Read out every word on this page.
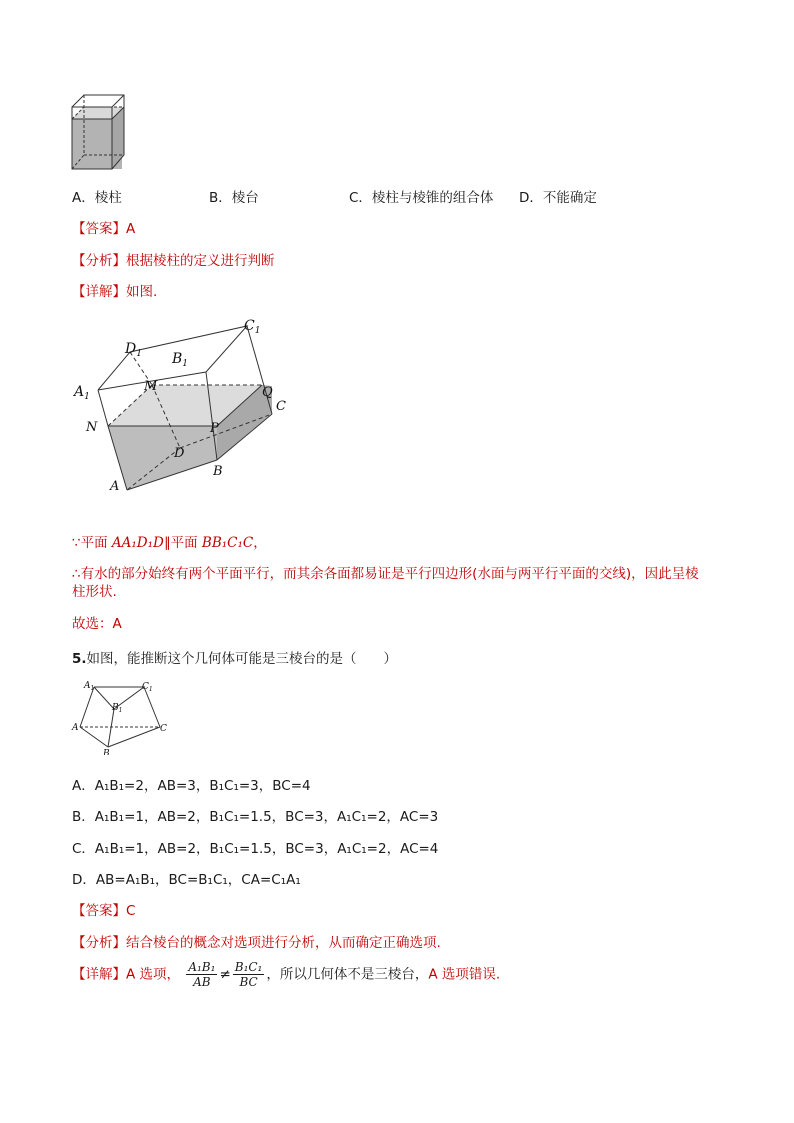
A．棱柱	B．棱台	C．棱柱与棱锥的组合体 D．不能确定
【答案】A
【分析】根据棱柱的定义进行判断
【详解】如图.
$C_1$
$D_1$ $B_1$
$A_1$
M	Q
C
N	P
D
B
A
∵平面 AA₁D₁D∥平面 BB₁C₁C，
∴有水的部分始终有两个平面平行，而其余各面都易证是平行四边形(水面与两平行平面的交线)，因此呈棱
柱形状.
故选：A
5.如图，能推断这个几何体可能是三棱台的是（　　）
$A_1$	$C_1$
$B_1$
A	C
B
A．A₁B₁=2，AB=3，B₁C₁=3，BC=4
B．A₁B₁=1，AB=2，B₁C₁=1.5，BC=3，A₁C₁=2，AC=3
C．A₁B₁=1，AB=2，B₁C₁=1.5，BC=3，A₁C₁=2，AC=4
D．AB=A₁B₁，BC=B₁C₁，CA=C₁A₁
【答案】C
【分析】结合棱台的概念对选项进行分析，从而确定正确选项.
【详解】A 选项， $\frac{\text{A₁B₁}}{AB} \ne \frac{\text{B₁C₁}}{BC}$ ，所以几何体不是三棱台，A 选项错误.
